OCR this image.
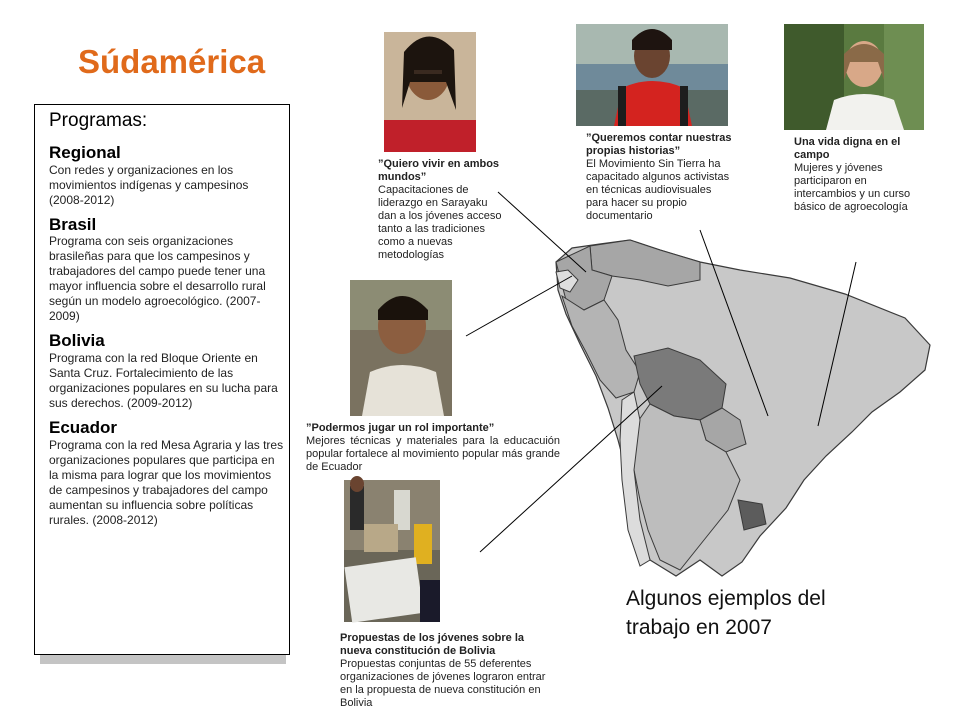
Súdamérica

Programas:

Regional

Con redes y organizaciones en los movimientos indígenas y campesinos (2008-2012)

Brasil

Programa con seis organizaciones brasileñas para que los campesinos y trabajadores del campo puede tener una mayor influencia sobre el desarrollo rural según un modelo agroecológico. (2007-2009)

Bolivia

Programa con la red Bloque Oriente en Santa Cruz. Fortalecimiento de las organizaciones populares en su lucha para sus derechos. (2009-2012)

Ecuador

Programa con la red Mesa Agraria y las tres organizaciones populares que participa en la misma para lograr que los movimientos de campesinos y trabajadores del campo aumentan su influencia sobre políticas rurales. (2008-2012)

”Quiero vivir en ambos mundos”
Capacitaciones de liderazgo en Sarayaku dan a los jóvenes acceso tanto a las tradiciones como a nuevas metodologías
”Queremos contar nuestras propias historias”
El Movimiento Sin Tierra ha capacitado algunos activistas en técnicas audiovisuales para hacer su propio documentario
Una vida digna en el campo
Mujeres y jóvenes participaron en intercambios y un curso básico de agroecología
”Podermos jugar un rol importante”
Mejores técnicas y materiales para la educacuión popular fortalece al movimiento popular más grande de Ecuador
Propuestas de los jóvenes sobre la nueva constitución de Bolivia
Propuestas conjuntas de 55 deferentes organizaciones de jóvenes lograron entrar en la propuesta de nueva constitución en Bolivia
Algunos ejemplos del trabajo en 2007
